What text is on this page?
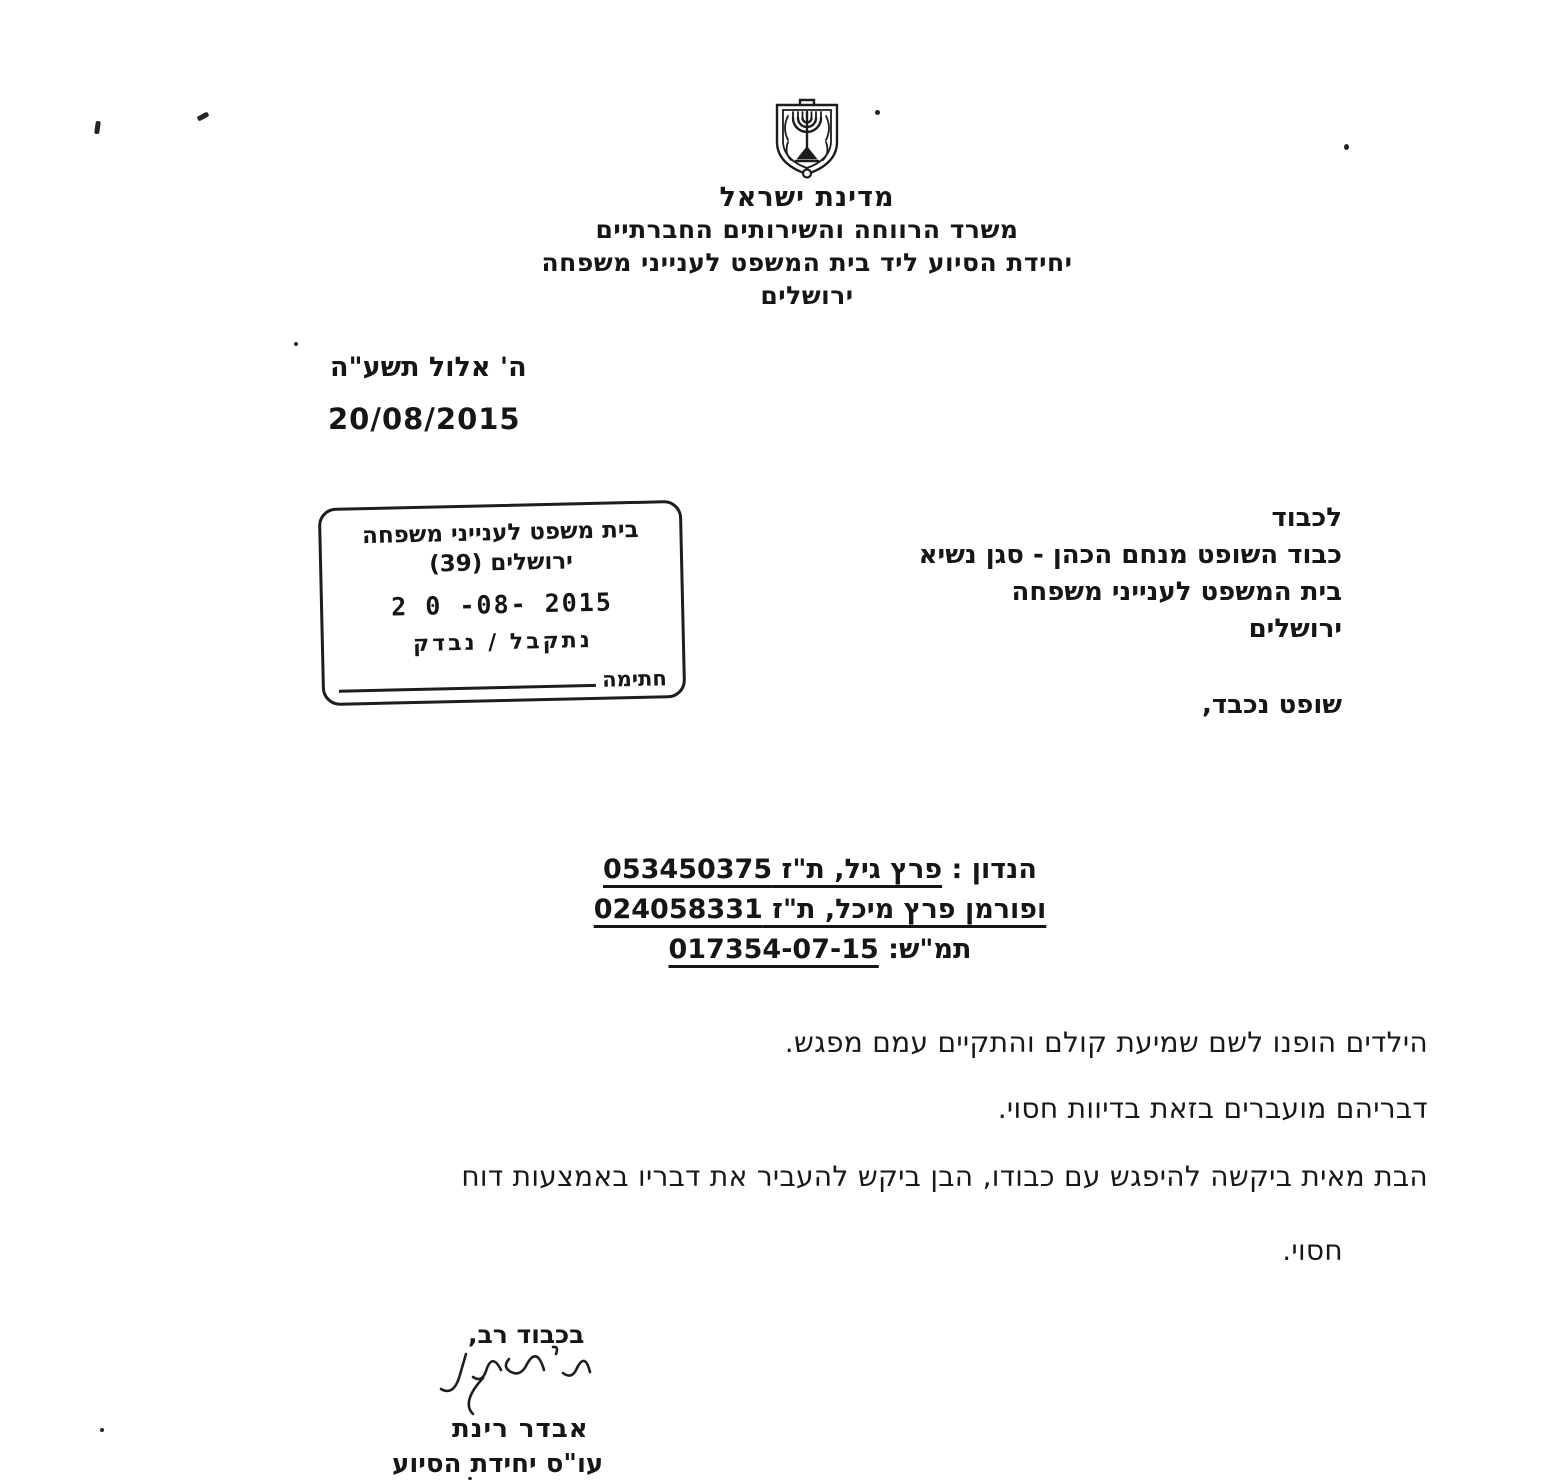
מדינת ישראל
משרד הרווחה והשירותים החברתיים
יחידת הסיוע ליד בית המשפט לענייני משפחה
ירושלים
ה' אלול תשע"ה
20/08/2015
בית משפט לענייני משפחה
ירושלים (39)
2 0 -08- 2015
נתקבל / נבדק
חתימה
לכבוד
כבוד השופט מנחם הכהן - סגן נשיא
בית המשפט לענייני משפחה
ירושלים
שופט נכבד,
הנדון : פרץ גיל, ת"ז 053450375
ופורמן פרץ מיכל, ת"ז 024058331
תמ"ש: 017354-07-15
הילדים הופנו לשם שמיעת קולם והתקיים עמם מפגש.
דבריהם מועברים בזאת בדיוות חסוי.
הבת מאית ביקשה להיפגש עם כבודו, הבן ביקש להעביר את דבריו באמצעות דוח
חסוי.
בכבוד רב,
אבדר רינת
עו"ס יחידת הסיוע
